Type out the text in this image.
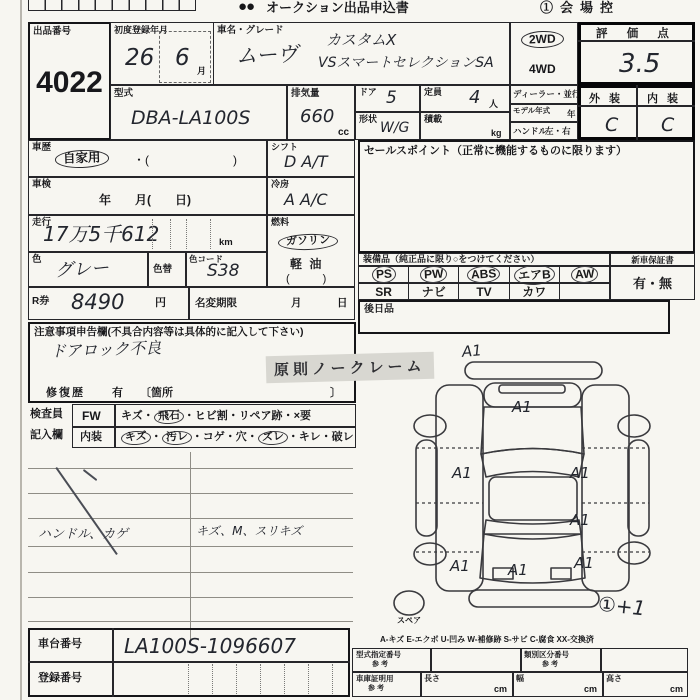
●● オークション出品申込書	①会場控
出品番号
4022
初度登録年月
26 6 月
車名・グレード
ムーヴ
カスタムX
VSスマートセレクションSA
2WD
4WD
評 価 点
3.5
型式
DBA-LA100S
排気量
660
cc
ドア 5
形状
W/G
定員 4 人
積載
kg
ディーラー・並行
モデル年式 年
ハンドル
左・右
外 装 内 装
C C
車歴
自家用	・(　　　　　　　)
シフト
D A/T
車検
年　　月(　　日)
冷房
A A/C
走行
17万5千612	km
燃料
ガソリン
軽 油
(　　　)
色 グレー	色替
色コード
S38
R券 8490	円	名変期限	月	日
セールスポイント（正常に機能するものに限ります）
装備品（純正品に限り○をつけてください）	新車保証書
PS	PW	ABS	エアB	AW
SR ナビ	TV	カワ
有・無
後日品
注意事項申告欄(不具合内容等は具体的に記入して下さい)
ドアロック不良
修復歴 有 〔箇所	〕
原則ノークレーム
検査員
記入欄
FW
内装
キズ・ 飛石 ・ヒビ割・リペア跡・×要
キズ ・ 汚レ ・コゲ・穴・ ズレ ・キレ・破レ
ハンドル、カゲ	キズ、M、スリキズ
A1
A1
A1	A1
A1
A1	A1	A1
スペア
①+1
A-キズ E-エクボ U-凹み W-補修跡 S-サビ C-腐食 XX-交換済
車台番号 LA100S-1096607
登録番号
型式指定番号
参 考
類別区分番号
参 考
車庫証明用
参 考
長さ
cm
幅
cm
高さ
cm
